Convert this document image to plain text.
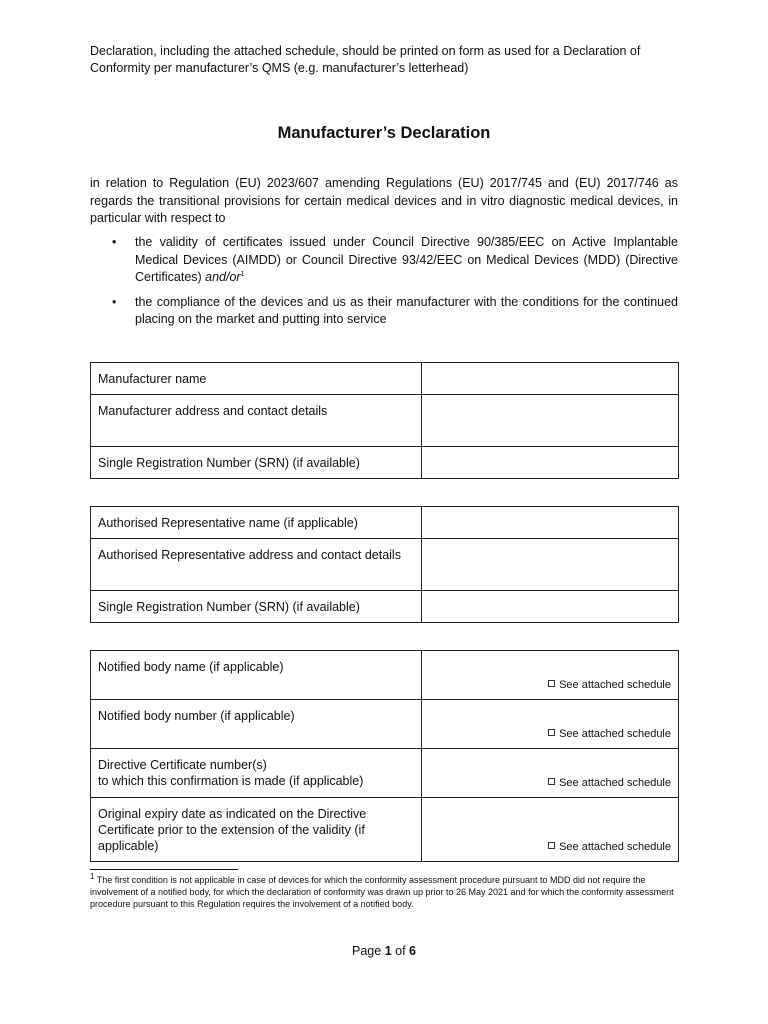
Declaration, including the attached schedule, should be printed on form as used for a Declaration of Conformity per manufacturer’s QMS (e.g. manufacturer’s letterhead)
Manufacturer’s Declaration
in relation to Regulation (EU) 2023/607 amending Regulations (EU) 2017/745 and (EU) 2017/746 as regards the transitional provisions for certain medical devices and in vitro diagnostic medical devices, in particular with respect to
• the validity of certificates issued under Council Directive 90/385/EEC on Active Implantable Medical Devices (AIMDD) or Council Directive 93/42/EEC on Medical Devices (MDD) (Directive Certificates) and/$or^1$
• the compliance of the devices and us as their manufacturer with the conditions for the continued placing on the market and putting into service
Manufacturer name	
Manufacturer address and contact details	
Single Registration Number (SRN) (if available)	
Authorised Representative name (if applicable)	
Authorised Representative address and contact details	
Single Registration Number (SRN) (if available)	
Notified body name (if applicable)	See attached schedule

Notified body number (if applicable)	See attached schedule

Directive Certificate number(s)
to which this confirmation is made (if applicable)	See attached schedule

Original expiry date as indicated on the Directive Certificate prior to the extension of the validity (if applicable)	See attached schedule
1 The first condition is not applicable in case of devices for which the conformity assessment procedure pursuant to MDD did not require the involvement of a notified body, for which the declaration of conformity was drawn up prior to 26 May 2021 and for which the conformity assessment procedure pursuant to this Regulation requires the involvement of a notified body.
Page 1 of 6
